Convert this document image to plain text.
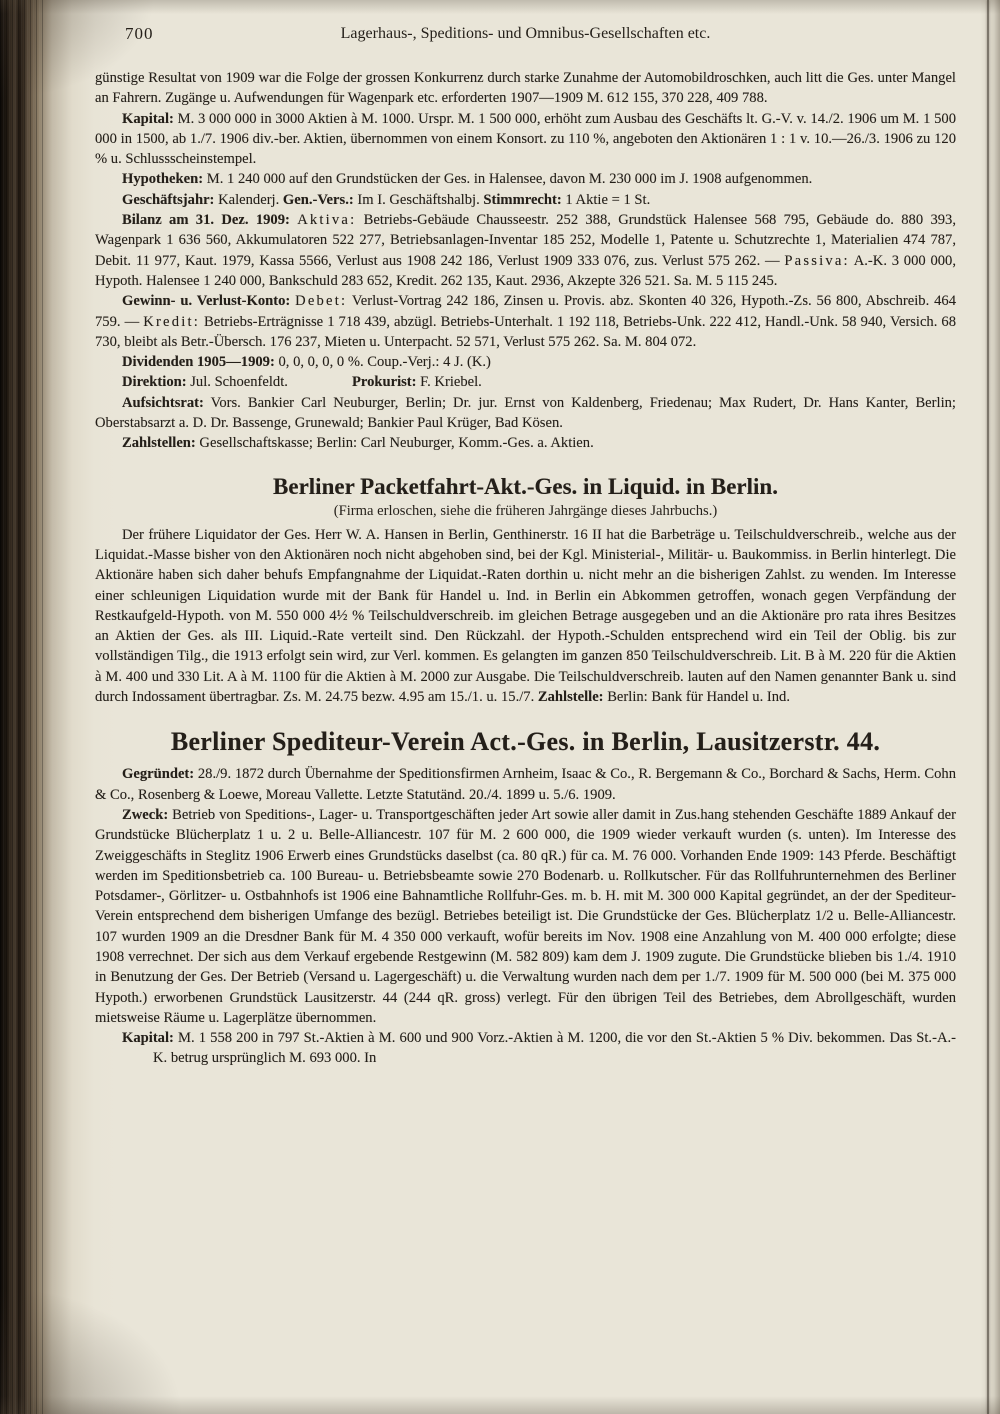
700	Lagerhaus-, Speditions- und Omnibus-Gesellschaften etc.

günstige Resultat von 1909 war die Folge der grossen Konkurrenz durch starke Zunahme der Automobildroschken, auch litt die Ges. unter Mangel an Fahrern. Zugänge u. Aufwendungen für Wagenpark etc. erforderten 1907—1909 M. 612 155, 370 228, 409 788.

Kapital: M. 3 000 000 in 3000 Aktien à M. 1000. Urspr. M. 1 500 000, erhöht zum Ausbau des Geschäfts lt. G.-V. v. 14./2. 1906 um M. 1 500 000 in 1500, ab 1./7. 1906 div.-ber. Aktien, übernommen von einem Konsort. zu 110 %, angeboten den Aktionären 1 : 1 v. 10.—26./3. 1906 zu 120 % u. Schlussscheinstempel.

Hypotheken: M. 1 240 000 auf den Grundstücken der Ges. in Halensee, davon M. 230 000 im J. 1908 aufgenommen.

Geschäftsjahr: Kalenderj. Gen.-Vers.: Im I. Geschäftshalbj. Stimmrecht: 1 Aktie = 1 St.

Bilanz am 31. Dez. 1909: Aktiva: Betriebs-Gebäude Chausseestr. 252 388, Grundstück Halensee 568 795, Gebäude do. 880 393, Wagenpark 1 636 560, Akkumulatoren 522 277, Betriebsanlagen-Inventar 185 252, Modelle 1, Patente u. Schutzrechte 1, Materialien 474 787, Debit. 11 977, Kaut. 1979, Kassa 5566, Verlust aus 1908 242 186, Verlust 1909 333 076, zus. Verlust 575 262. — Passiva: A.-K. 3 000 000, Hypoth. Halensee 1 240 000, Bankschuld 283 652, Kredit. 262 135, Kaut. 2936, Akzepte 326 521. Sa. M. 5 115 245.

Gewinn- u. Verlust-Konto: Debet: Verlust-Vortrag 242 186, Zinsen u. Provis. abz. Skonten 40 326, Hypoth.-Zs. 56 800, Abschreib. 464 759. — Kredit: Betriebs-Erträgnisse 1 718 439, abzügl. Betriebs-Unterhalt. 1 192 118, Betriebs-Unk. 222 412, Handl.-Unk. 58 940, Versich. 68 730, bleibt als Betr.-Übersch. 176 237, Mieten u. Unterpacht. 52 571, Verlust 575 262. Sa. M. 804 072.

Dividenden 1905—1909: 0, 0, 0, 0, 0 %. Coup.-Verj.: 4 J. (K.)

Direktion: Jul. Schoenfeldt.	Prokurist: F. Kriebel.

Aufsichtsrat: Vors. Bankier Carl Neuburger, Berlin; Dr. jur. Ernst von Kaldenberg, Friedenau; Max Rudert, Dr. Hans Kanter, Berlin; Oberstabsarzt a. D. Dr. Bassenge, Grunewald; Bankier Paul Krüger, Bad Kösen.

Zahlstellen: Gesellschaftskasse; Berlin: Carl Neuburger, Komm.-Ges. a. Aktien.

Berliner Packetfahrt-Akt.-Ges. in Liquid. in Berlin.
(Firma erloschen, siehe die früheren Jahrgänge dieses Jahrbuchs.)

Der frühere Liquidator der Ges. Herr W. A. Hansen in Berlin, Genthinerstr. 16 II hat die Barbeträge u. Teilschuldverschreib., welche aus der Liquidat.-Masse bisher von den Aktionären noch nicht abgehoben sind, bei der Kgl. Ministerial-, Militär- u. Baukommiss. in Berlin hinterlegt. Die Aktionäre haben sich daher behufs Empfangnahme der Liquidat.-Raten dorthin u. nicht mehr an die bisherigen Zahlst. zu wenden. Im Interesse einer schleunigen Liquidation wurde mit der Bank für Handel u. Ind. in Berlin ein Abkommen getroffen, wonach gegen Verpfändung der Restkaufgeld-Hypoth. von M. 550 000 4½ % Teilschuldverschreib. im gleichen Betrage ausgegeben und an die Aktionäre pro rata ihres Besitzes an Aktien der Ges. als III. Liquid.-Rate verteilt sind. Den Rückzahl. der Hypoth.-Schulden entsprechend wird ein Teil der Oblig. bis zur vollständigen Tilg., die 1913 erfolgt sein wird, zur Verl. kommen. Es gelangten im ganzen 850 Teilschuldverschreib. Lit. B à M. 220 für die Aktien à M. 400 und 330 Lit. A à M. 1100 für die Aktien à M. 2000 zur Ausgabe. Die Teilschuldverschreib. lauten auf den Namen genannter Bank u. sind durch Indossament übertragbar. Zs. M. 24.75 bezw. 4.95 am 15./1. u. 15./7. Zahlstelle: Berlin: Bank für Handel u. Ind.

Berliner Spediteur-Verein Act.-Ges. in Berlin, Lausitzerstr. 44.

Gegründet: 28./9. 1872 durch Übernahme der Speditionsfirmen Arnheim, Isaac & Co., R. Bergemann & Co., Borchard & Sachs, Herm. Cohn & Co., Rosenberg & Loewe, Moreau Vallette. Letzte Statutänd. 20./4. 1899 u. 5./6. 1909.

Zweck: Betrieb von Speditions-, Lager- u. Transportgeschäften jeder Art sowie aller damit in Zus.hang stehenden Geschäfte 1889 Ankauf der Grundstücke Blücherplatz 1 u. 2 u. Belle-Alliancestr. 107 für M. 2 600 000, die 1909 wieder verkauft wurden (s. unten). Im Interesse des Zweiggeschäfts in Steglitz 1906 Erwerb eines Grundstücks daselbst (ca. 80 qR.) für ca. M. 76 000. Vorhanden Ende 1909: 143 Pferde. Beschäftigt werden im Speditionsbetrieb ca. 100 Bureau- u. Betriebsbeamte sowie 270 Bodenarb. u. Rollkutscher. Für das Rollfuhrunternehmen des Berliner Potsdamer-, Görlitzer- u. Ostbahnhofs ist 1906 eine Bahnamtliche Rollfuhr-Ges. m. b. H. mit M. 300 000 Kapital gegründet, an der der Spediteur-Verein entsprechend dem bisherigen Umfange des bezügl. Betriebes beteiligt ist. Die Grundstücke der Ges. Blücherplatz 1/2 u. Belle-Alliancestr. 107 wurden 1909 an die Dresdner Bank für M. 4 350 000 verkauft, wofür bereits im Nov. 1908 eine Anzahlung von M. 400 000 erfolgte; diese 1908 verrechnet. Der sich aus dem Verkauf ergebende Restgewinn (M. 582 809) kam dem J. 1909 zugute. Die Grundstücke blieben bis 1./4. 1910 in Benutzung der Ges. Der Betrieb (Versand u. Lagergeschäft) u. die Verwaltung wurden nach dem per 1./7. 1909 für M. 500 000 (bei M. 375 000 Hypoth.) erworbenen Grundstück Lausitzerstr. 44 (244 qR. gross) verlegt. Für den übrigen Teil des Betriebes, dem Abrollgeschäft, wurden mietsweise Räume u. Lagerplätze übernommen.

Kapital: M. 1 558 200 in 797 St.-Aktien à M. 600 und 900 Vorz.-Aktien à M. 1200, die vor den St.-Aktien 5 % Div. bekommen. Das St.-A.-K. betrug ursprünglich M. 693 000. In
